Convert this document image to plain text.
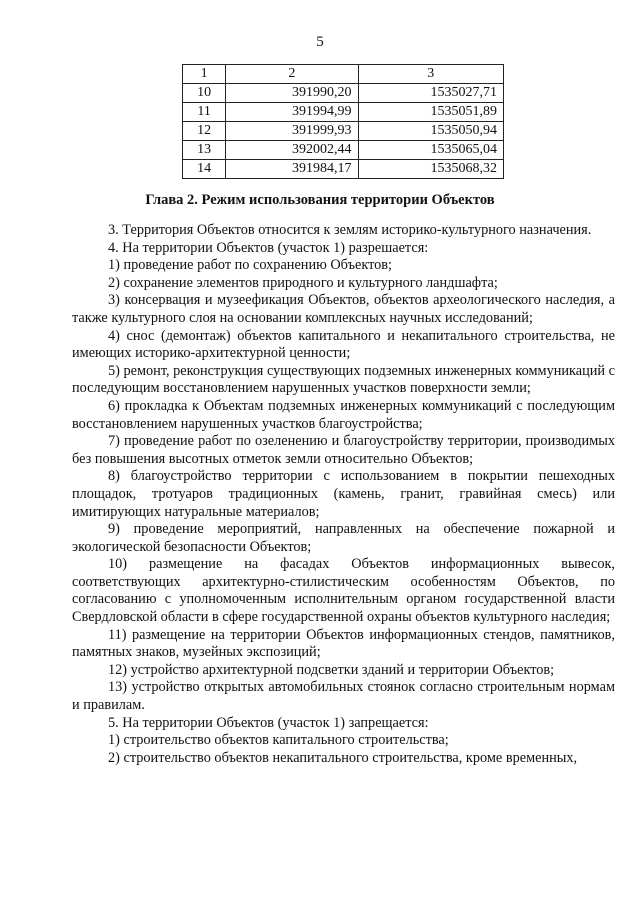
5
1	2	3
10	391990,20	1535027,71
11	391994,99	1535051,89
12	391999,93	1535050,94
13	392002,44	1535065,04
14	391984,17	1535068,32
Глава 2. Режим использования территории Объектов

3. Территория Объектов относится к землям историко-культурного назначения.

4. На территории Объектов (участок 1) разрешается:

1) проведение работ по сохранению Объектов;

2) сохранение элементов природного и культурного ландшафта;

3) консервация и музеефикация Объектов, объектов археологического наследия, а также культурного слоя на основании комплексных научных исследований;

4) снос (демонтаж) объектов капитального и некапитального строительства, не имеющих историко-архитектурной ценности;

5) ремонт, реконструкция существующих подземных инженерных коммуникаций с последующим восстановлением нарушенных участков поверхности земли;

6) прокладка к Объектам подземных инженерных коммуникаций с последующим восстановлением нарушенных участков благоустройства;

7) проведение работ по озеленению и благоустройству территории, производимых без повышения высотных отметок земли относительно Объектов;

8) благоустройство территории с использованием в покрытии пешеходных площадок, тротуаров традиционных (камень, гранит, гравийная смесь) или имитирующих натуральные материалов;

9) проведение мероприятий, направленных на обеспечение пожарной и экологической безопасности Объектов;

10) размещение на фасадах Объектов информационных вывесок, соответствующих архитектурно-стилистическим особенностям Объектов, по согласованию с уполномоченным исполнительным органом государственной власти Свердловской области в сфере государственной охраны объектов культурного наследия;

11) размещение на территории Объектов информационных стендов, памятников, памятных знаков, музейных экспозиций;

12) устройство архитектурной подсветки зданий и территории Объектов;

13) устройство открытых автомобильных стоянок согласно строительным нормам и правилам.

5. На территории Объектов (участок 1) запрещается:

1) строительство объектов капитального строительства;

2) строительство объектов некапитального строительства, кроме временных,
